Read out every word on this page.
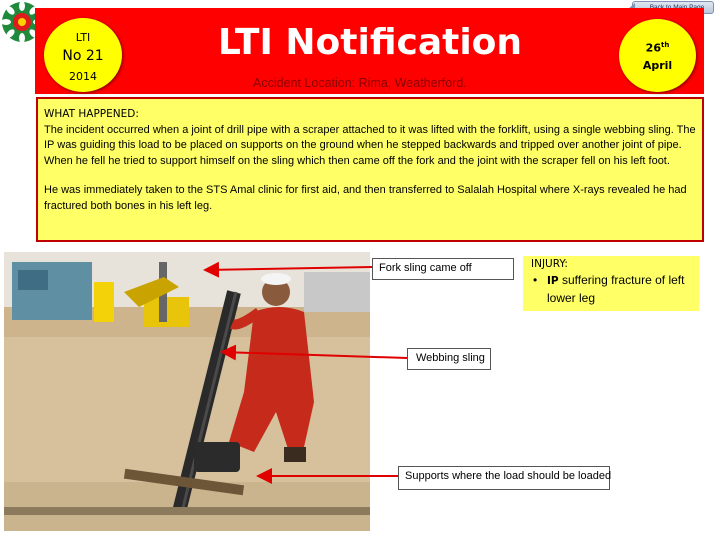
LTI
No 21
2014
LTI Notification
Accident Location: Rima, Weatherford.
26th
April
WHAT HAPPENED:

The incident occurred when a joint of drill pipe with a scraper attached to it was lifted with the forklift, using a single webbing sling. The IP was guiding this load to be placed on supports on the ground when he stepped backwards and tripped over another joint of pipe. When he fell he tried to support himself on the sling which then came off the fork and the joint with the scraper fell on his left foot.

He was immediately taken to the STS Amal clinic for first aid, and then transferred to Salalah Hospital where X-rays revealed he had fractured both bones in his left leg.

Fork sling came off
Webbing sling
Supports where the load should be loaded
INJURY:
• IP suffering fracture of left lower leg
